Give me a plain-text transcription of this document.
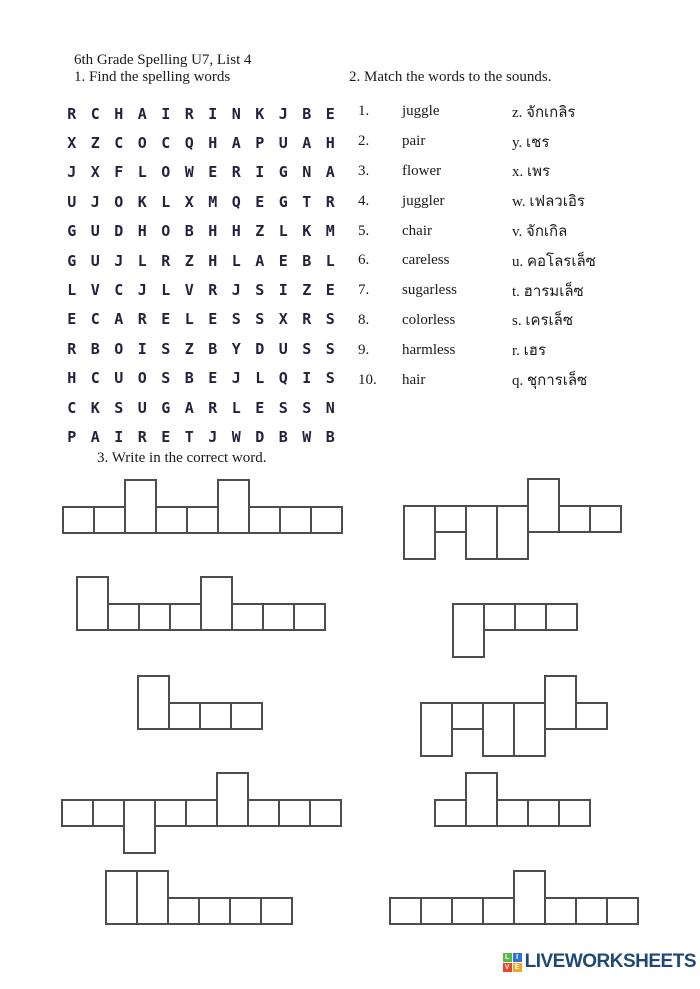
6th Grade Spelling U7, List 4
1. Find the spelling words	2. Match the words to the sounds.
R C H A I R I N K J B E
X Z C O C Q H A P U A H
J X F L O W E R I G N A
U J O K L X M Q E G T R
G U D H O B H H Z L K M
G U J L R Z H L A E B L
L V C J L V R J S I Z E
E C A R E L E S S X R S
R B O I S Z B Y D U S S
H C U O S B E J L Q I S
C K S U G A R L E S S N
P A I R E T J W D B W B
1.	juggle	z. จักเกลิร
2.	pair	y. เชร
3.	flower	x. เพร
4.	juggler	w. เฟลวเอิร
5.	chair	v. จักเกิล
6.	careless	u. คอโลรเล็ซ
7.	sugarless	t. ฮารมเล็ซ
8.	colorless	s. เครเล็ซ
9.	harmless	r. เฮร
10.	hair	q. ชุการเล็ซ
3. Write in the correct word.
L I
V E LIVEWORKSHEETS
